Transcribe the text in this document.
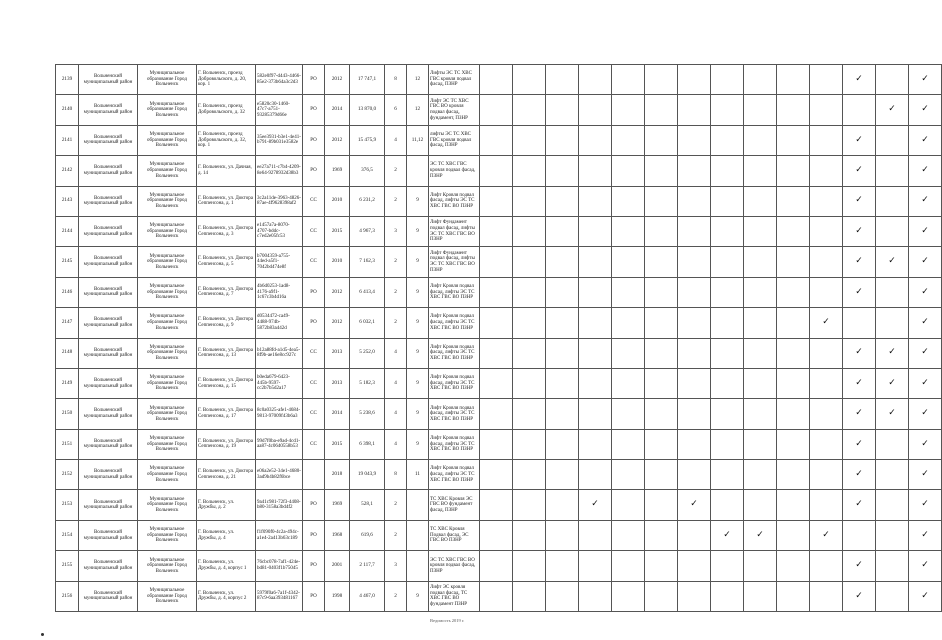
2139	Вольненский муниципальный район	Муниципальное образование Город Вольненск	Г. Вольненск, проезд Добровольского, д. 20, кор. 1	582e0f97-d443-4466-85e2-373b64a3c2d3	РО	2012	17 747,1	8	12	Лифты ЭС ТС ХВС ГВС кровля подвал фасад, ПЗНР												✓		✓
2140	Вольненский муниципальный район	Муниципальное образование Город Вольненск	Г. Вольненск, проезд Добровольского, д. 32	e5820c30-1460-47c7-a751-93285379d66e	РО	2014	13 870,0	6	12	Лифт ЭС ТС ХВС ГВС ВО кровля подвал фасад, фундамент, ПЗНР													✓	✓
2141	Вольненский муниципальный район	Муниципальное образование Город Вольненск	Г. Вольненск, проезд Добровольского, д. 32, кор. 1	35ee3931-b3e1-4e41-b791-89b031e3582e	РО	2012	15 475,9	4	11,12	лифты ЭС ТС ХВС ГВС кровля подвал фасад, ПЗНР												✓		✓
2142	Вольненский муниципальный район	Муниципальное образование Город Вольненск	Г. Вольненск, ул. Дачная, д. 14	ee27a711-c7b4-4209-8e64-9278932d38b3	РО	1969	376,5	2		ЭС ТС ХВС ГВС кровля подвал фасад, ПЗНР												✓		✓
2143	Вольненский муниципальный район	Муниципальное образование Город Вольненск	Г. Вольненск, ул. Доктора Сеппенсона, д. 1	3c2a11de-3963-4826-87ae-4f9628398af2	СС	2010	6 231,2	2	9	Лифт Кровля подвал фасад, лифты ЭС ТС ХВС ГВС ВО ПЗНР												✓		✓
2144	Вольненский муниципальный район	Муниципальное образование Город Вольненск	Г. Вольненск, ул. Доктора Сеппенсона, д. 3	e1457a7a-8070-4707-bddc-c7ed2e05fc53	СС	2015	4 967,3	3	9	Лифт Фундамент подвал фасад, лифты ЭС ТС ХВС ГВС ВО ПЗНР												✓		✓
2145	Вольненский муниципальный район	Муниципальное образование Город Вольненск	Г. Вольненск, ул. Доктора Сеппенсона, д. 5	b7004359-a755-44ed-a5f1-7042bd474e8f	СС	2010	7 162,3	2	9	Лифт Фундамент подвал фасад, лифты ЭС ТС ХВС ГВС ВО ПЗНР												✓	✓	✓
2146	Вольненский муниципальный район	Муниципальное образование Город Вольненск	Г. Вольненск, ул. Доктора Сеппенсона, д. 7	4b6d0253-1ad8-4176-a9f1-1c67c3b4d16a	РО	2012	6 413,4	2	9	Лифт Кровля подвал фасад, лифты ЭС ТС ХВС ГВС ВО ПЗНР												✓		✓
2147	Вольненский муниципальный район	Муниципальное образование Город Вольненск	Г. Вольненск, ул. Доктора Сеппенсона, д. 9	d0534472-ca49-4488-974b-5872b83a442d	РО	2012	6 032,1	2	9	Лифт Кровля подвал фасад, лифты ЭС ТС ХВС ГВС ВО ПЗНР											✓			✓
2148	Вольненский муниципальный район	Муниципальное образование Город Вольненск	Г. Вольненск, ул. Доктора Сеппенсона, д. 13	b12a88fd-a1d5-4ea5-8f9b-ae16e8cc927c	СС	2013	5 252,0	4	9	Лифт Кровля подвал фасад, лифты ЭС ТС ХВС ГВС ВО ПЗНР												✓	✓	✓
2149	Вольненский муниципальный район	Муниципальное образование Город Вольненск	Г. Вольненск, ул. Доктора Сеппенсона, д. 15	b0eda679-6423-445b-9597-cc2b7b5d2a17	СС	2013	5 182,3	4	9	Лифт Кровля подвал фасад, лифты ЭС ТС ХВС ГВС ВО ПЗНР												✓	✓	✓
2150	Вольненский муниципальный район	Муниципальное образование Город Вольненск	Г. Вольненск, ул. Доктора Сеппенсона, д. 17	8c0a0325-afe1-4684-9813-97009f43b6a3	СС	2014	5 238,6	4	9	Лифт Кровля подвал фасад, лифты ЭС ТС ХВС ГВС ВО ПЗНР												✓	✓	✓
2151	Вольненский муниципальный район	Муниципальное образование Город Вольненск	Г. Вольненск, ул. Доктора Сеппенсона, д. 19	99d7f0ba-e9ad-4cd1-aa87-4c0640558b53	СС	2015	6 398,1	4	9	Лифт Кровля подвал фасад, лифты ЭС ТС ХВС ГВС ВО ПЗНР												✓		✓
2152	Вольненский муниципальный район	Муниципальное образование Город Вольненск	Г. Вольненск, ул. Доктора Сеппенсона, д. 21	e06a2e52-34e1-4680-3ad9b4b82f6bce		2018	19 043,9	8	11	Лифт Кровля подвал фасад, лифты ЭС ТС ХВС ГВС ВО ПЗНР												✓		✓
2153	Вольненский муниципальный район	Муниципальное образование Город Вольненск	Г. Вольненск, ул. Дружбы, д. 2	9a41c981-72f3-4408-b80-3158a3bd4f2	РО	1969	528,1	2		ТС ХВС Кровля ЭС ГВС ВО фундамент фасад, ПЗНР				✓			✓					✓		✓
2154	Вольненский муниципальный район	Муниципальное образование Город Вольненск	Г. Вольненск, ул. Дружбы, д. 4	f1f090f0-4c2a-494c-a1e4-2a413b63c189	РО	1968	619,6	2		ТС ХВС Кровля Подвал фасад, ЭС ГВС ВО ПЗНР								✓	✓		✓			✓
2155	Вольненский муниципальный район	Муниципальное образование Город Вольненск	Г. Вольненск, ул. Дружбы, д. 4, корпус 1	76cbc078-7af1-424e-bd81-0403f1b75045	РО	2001	2 117,7	3		ЭС ТС ХВС ГВС ВО кровля подвал фасад, ПЗНР												✓		✓
2156	Вольненский муниципальный район	Муниципальное образование Город Вольненск	Г. Вольненск, ул. Дружбы, д. 4, корпус 2	5979f0a6-7a1f-4342-87c9-6aa393481167	РО	1998	4 467,0	2	9	Лифт ЭС кровля подвал фасад, ТС ХВС ГВС ВО фундамент ПЗНР												✓		✓
Ведомость 2019 г.
